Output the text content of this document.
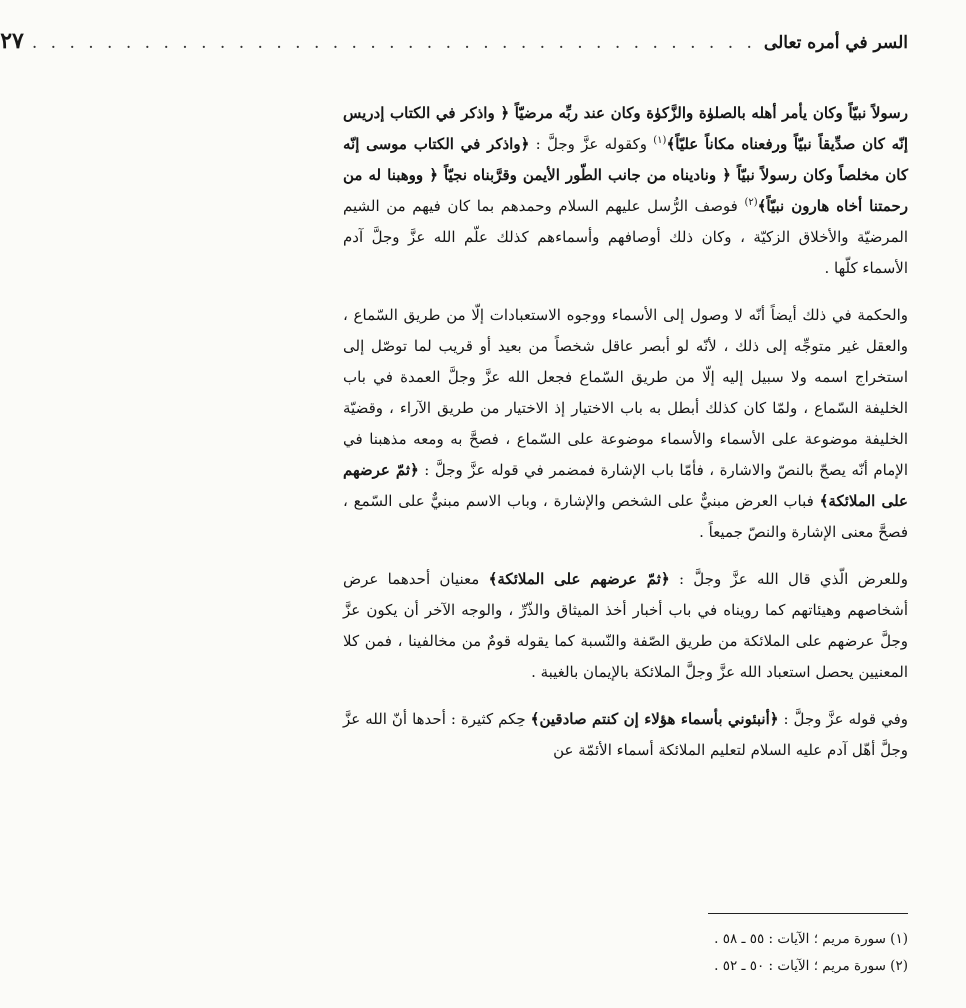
السر في أمره تعالى
. . . . . . . . . . . . . . . . . . . . . . . . . . . . . . . . . . . . . . .
٢٧

رسولاً نبيّاً وكان يأمر أهله بالصلوٰة والزَّكوٰة وكان عند ربِّه مرضيّاً ﴿ واذكر في الكتاب إدريس إنّه كان صدِّيقاً نبيّاً ورفعناه مكاناً عليّاً﴾$^{(١)}$ وكقوله عزَّ وجلَّ : ﴿واذكر في الكتاب موسى إنّه كان مخلصاً وكان رسولاً نبيّاً ﴿ وناديناه من جانب الطّور الأيمن وقرَّبناه نجيّاً ﴿ ووهبنا له من رحمتنا أخاه هارون نبيّاً﴾$^{(٢)}$ فوصف الرُّسل عليهم السلام وحمدهم بما كان فيهم من الشيم المرضيّة والأخلاق الزكيّة ، وكان ذلك أوصافهم وأسماءهم كذلك علّم الله عزَّ وجلَّ آدم الأسماء كلّها .

والحكمة في ذلك أيضاً أنّه لا وصول إلى الأسماء ووجوه الاستعبادات إلّا من طريق السّماع ، والعقل غير متوجِّه إلى ذلك ، لأنّه لو أبصر عاقل شخصاً من بعيد أو قريب لما توصّل إلى استخراج اسمه ولا سبيل إليه إلّا من طريق السّماع فجعل الله عزَّ وجلَّ العمدة في باب الخليفة السّماع ، ولمّا كان كذلك أبطل به باب الاختيار إذ الاختيار من طريق الآراء ، وقضيّة الخليفة موضوعة على الأسماء والأسماء موضوعة على السّماع ، فصحَّ به ومعه مذهبنا في الإمام أنّه يصحّ بالنصّ والاشارة ، فأمّا باب الإشارة فمضمر في قوله عزَّ وجلَّ : ﴿ثمّ عرضهم على الملائكة﴾ فباب العرض مبنيٌّ على الشخص والإشارة ، وباب الاسم مبنيٌّ على السّمع ، فصحَّ معنى الإشارة والنصّ جميعاً .

وللعرض الّذي قال الله عزَّ وجلَّ : ﴿ثمّ عرضهم على الملائكة﴾ معنيان أحدهما عرض أشخاصهم وهيئاتهم كما رويناه في باب أخبار أخذ الميثاق والذّرِّ ، والوجه الآخر أن يكون عزَّ وجلَّ عرضهم على الملائكة من طريق الصّفة والنّسبة كما يقوله قومٌ من مخالفينا ، فمن كلا المعنيين يحصل استعباد الله عزَّ وجلَّ الملائكة بالإيمان بالغيبة .

وفي قوله عزَّ وجلَّ : ﴿أنبئوني بأسماء هؤلاء إن كنتم صادقين﴾ حِكم كثيرة : أحدها أنّ الله عزَّ وجلَّ أهّل آدم عليه السلام لتعليم الملائكة أسماء الأئمّة عن

(١) سورة مريم ؛ الآيات : ٥٥ ـ ٥٨ .
(٢) سورة مريم ؛ الآيات : ٥٠ ـ ٥٢ .
